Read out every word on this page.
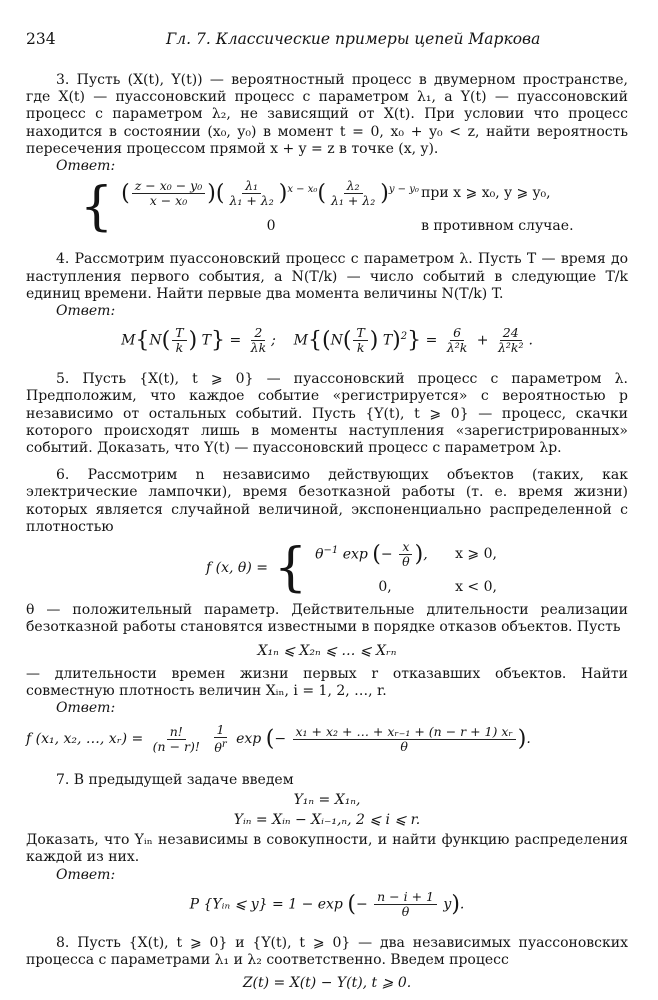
234	Гл. 7. Классические примеры цепей Маркова

3. Пусть (X(t), Y(t)) — вероятностный процесс в двумерном пространстве, где X(t) — пуассоновский процесс с параметром λ₁, а Y(t) — пуассоновский процесс с параметром λ₂, не зависящий от X(t). При условии что процесс находится в состоянии (x₀, y₀) в момент t = 0, x₀ + y₀ < z, найти вероятность пересечения процессом прямой x + y = z в точке (x, y).

Ответ:

{ ( $\frac{\text{z − x₀ − y₀}}{\text{x − x₀}}$ )( $\frac{\text{λ₁}}{\text{λ₁ + λ₂}} )^{x - x_0}( \frac{\text{λ₂}}{\text{λ₁ + λ₂}} )^{y - y_0}$ при x ⩾ x₀, y ⩾ y₀,
0	в противном случае.

4. Рассмотрим пуассоновский процесс с параметром λ. Пусть T — время до наступления первого события, а N(T/k) — число событий в следующие T/k единиц времени. Найти первые два момента величины N(T/k) T.

Ответ:

$M\{N( \frac{T}{k}$ ) $T\} = \frac{2}{\lambda k}$ ;    $M\{(N( \frac{T}{k}$ ) $T)^2\} = \frac{6}{\text{λ²k}} + \frac{24}{\text{λ²k²}}$ .

5. Пусть {X(t), t ⩾ 0} — пуассоновский процесс с параметром λ. Предположим, что каждое событие «регистрируется» с вероятностью p независимо от остальных событий. Пусть {Y(t), t ⩾ 0} — процесс, скачки которого происходят лишь в моменты наступления «зарегистрированных» событий. Доказать, что Y(t) — пуассоновский процесс с параметром λp.

6. Рассмотрим n независимо действующих объектов (таких, как электрические лампочки), время безотказной работы (т. е. время жизни) которых является случайной величиной, экспоненциально распределенной с плотностью

f (x, θ) = { $\theta^{-1}$ exp (− $\frac{x}{\theta}$ ),	x ⩾ 0,
0,	x < 0,

θ — положительный параметр. Действительные длительности реализации безотказной работы становятся известными в порядке отказов объектов. Пусть

X₁ₙ ⩽ X₂ₙ ⩽ … ⩽ Xᵣₙ

— длительности времен жизни первых r отказавших объектов. Найти совместную плотность величин Xᵢₙ, i = 1, 2, …, r.

Ответ:

f (x₁, x₂, …, xᵣ) = $\frac{n!}{(n - r)!}$
$\frac{1}{\theta^r}$ exp (− $\frac{\text{x₁ + x₂ + … + xᵣ₋₁ + (n − r + 1) xᵣ}}{\theta}$ ).

7. В предыдущей задаче введем

Y₁ₙ = X₁ₙ,
Yᵢₙ = Xᵢₙ − Xᵢ₋₁,ₙ, 2 ⩽ i ⩽ r.

Доказать, что Yᵢₙ независимы в совокупности, и найти функцию распределения каждой из них.

Ответ:

P {Yᵢₙ ⩽ y} = 1 − exp (− $\frac{n - i + 1}{\theta} y$).

8. Пусть {X(t), t ⩾ 0} и {Y(t), t ⩾ 0} — два независимых пуассоновских процесса с параметрами λ₁ и λ₂ соответственно. Введем процесс

Z(t) = X(t) − Y(t), t ⩾ 0.
